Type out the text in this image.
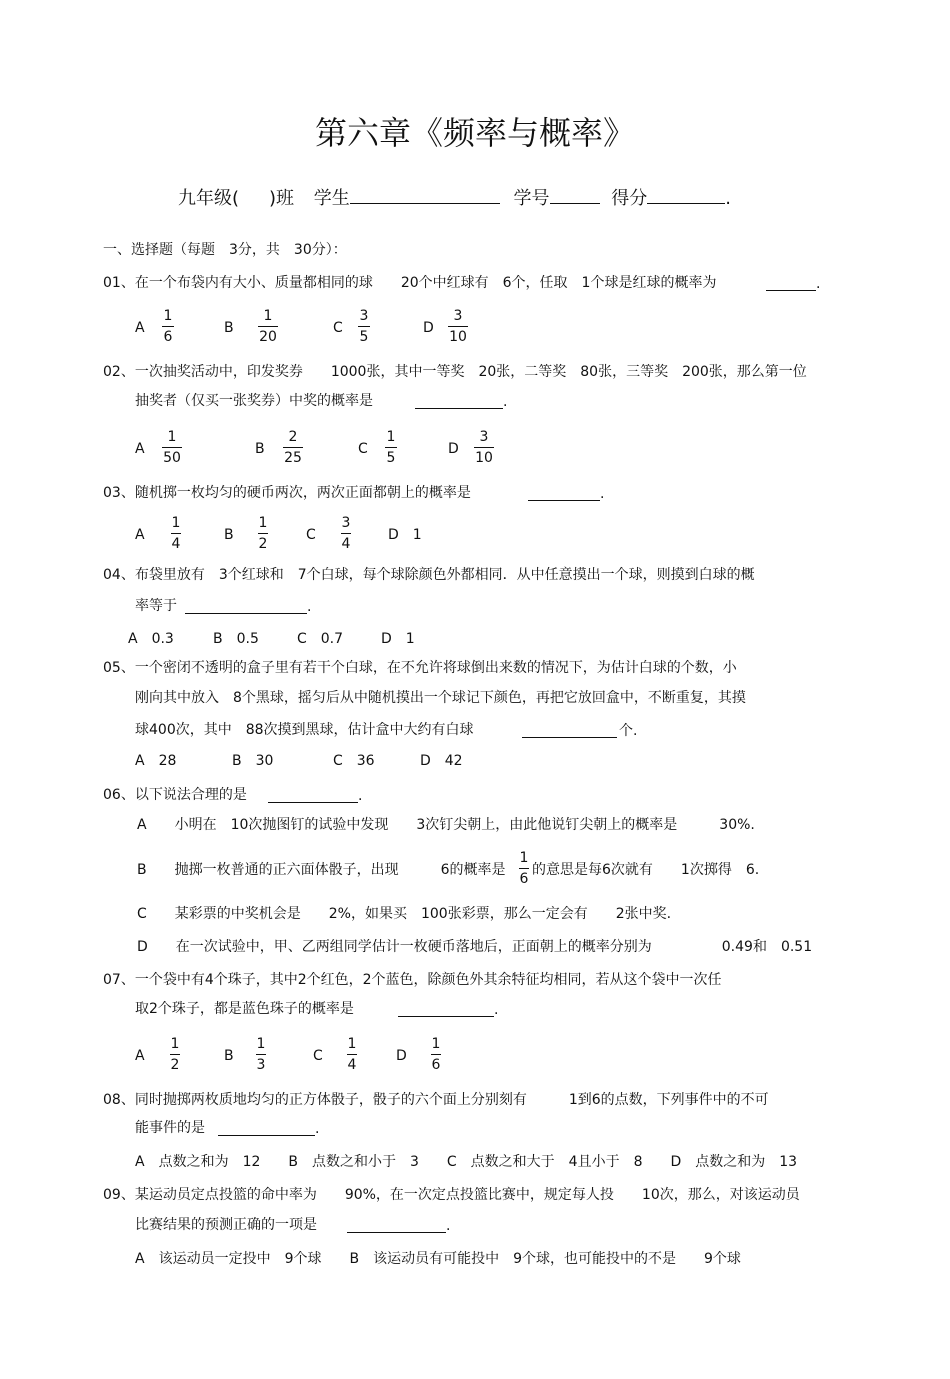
第六章《频率与概率》
九年级( )班 学生	学号	得分	.
一、选择题（每题　3分，共　30分）：
01、在一个布袋内有大小、质量都相同的球　　20个中红球有　6个，任取　1个球是红球的概率为	.
A
1
6
B
1
20
C
3
5
D
3
10
02、一次抽奖活动中，印发奖券　　1000张，其中一等奖　20张，二等奖　80张，三等奖　200张，那么第一位
抽奖者（仅买一张奖券）中奖的概率是	.
A
1
50
B
2
25
C
1
5
D
3
10
03、随机掷一枚均匀的硬币两次，两次正面都朝上的概率是	.
A
1
4
B
1
2
C
3
4
D　1
04、布袋里放有　3个红球和　7个白球，每个球除颜色外都相同．从中任意摸出一个球，则摸到白球的概
率等于	.
A　0.3	B　0.5	C　0.7	D　1
05、一个密闭不透明的盒子里有若干个白球，在不允许将球倒出来数的情况下，为估计白球的个数，小
刚向其中放入　8个黑球，摇匀后从中随机摸出一个球记下颜色，再把它放回盒中，不断重复，其摸
球400次，其中　88次摸到黑球，估计盒中大约有白球	个.
A　28	B　30	C　36	D　42
06、以下说法合理的是	.
A　　小明在　10次抛图钉的试验中发现　　3次钉尖朝上，由此他说钉尖朝上的概率是　　　30%.
B　　抛掷一枚普通的正六面体骰子，出现　　　6的概率是
1
6
的意思是每6次就有　　1次掷得　6.
C　　某彩票的中奖机会是　　2%，如果买　100张彩票，那么一定会有　　2张中奖.
D　　在一次试验中，甲、乙两组同学估计一枚硬币落地后，正面朝上的概率分别为　　　　　0.49和　0.51
07、一个袋中有4个珠子，其中2个红色，2个蓝色，除颜色外其余特征均相同，若从这个袋中一次任
取2个珠子，都是蓝色珠子的概率是	.
A
1
2
B
1
3
C
1
4
D
1
6
08、同时抛掷两枚质地均匀的正方体骰子，骰子的六个面上分别刻有　　　1到6的点数，下列事件中的不可
能事件的是	.
A　点数之和为　12　　B　点数之和小于　3　　C　点数之和大于　4且小于　8　　D　点数之和为　13
09、某运动员定点投篮的命中率为　　90%，在一次定点投篮比赛中，规定每人投　　10次，那么，对该运动员
比赛结果的预测正确的一项是	.
A　该运动员一定投中　9个球　　B　该运动员有可能投中　9个球，也可能投中的不是　　9个球
